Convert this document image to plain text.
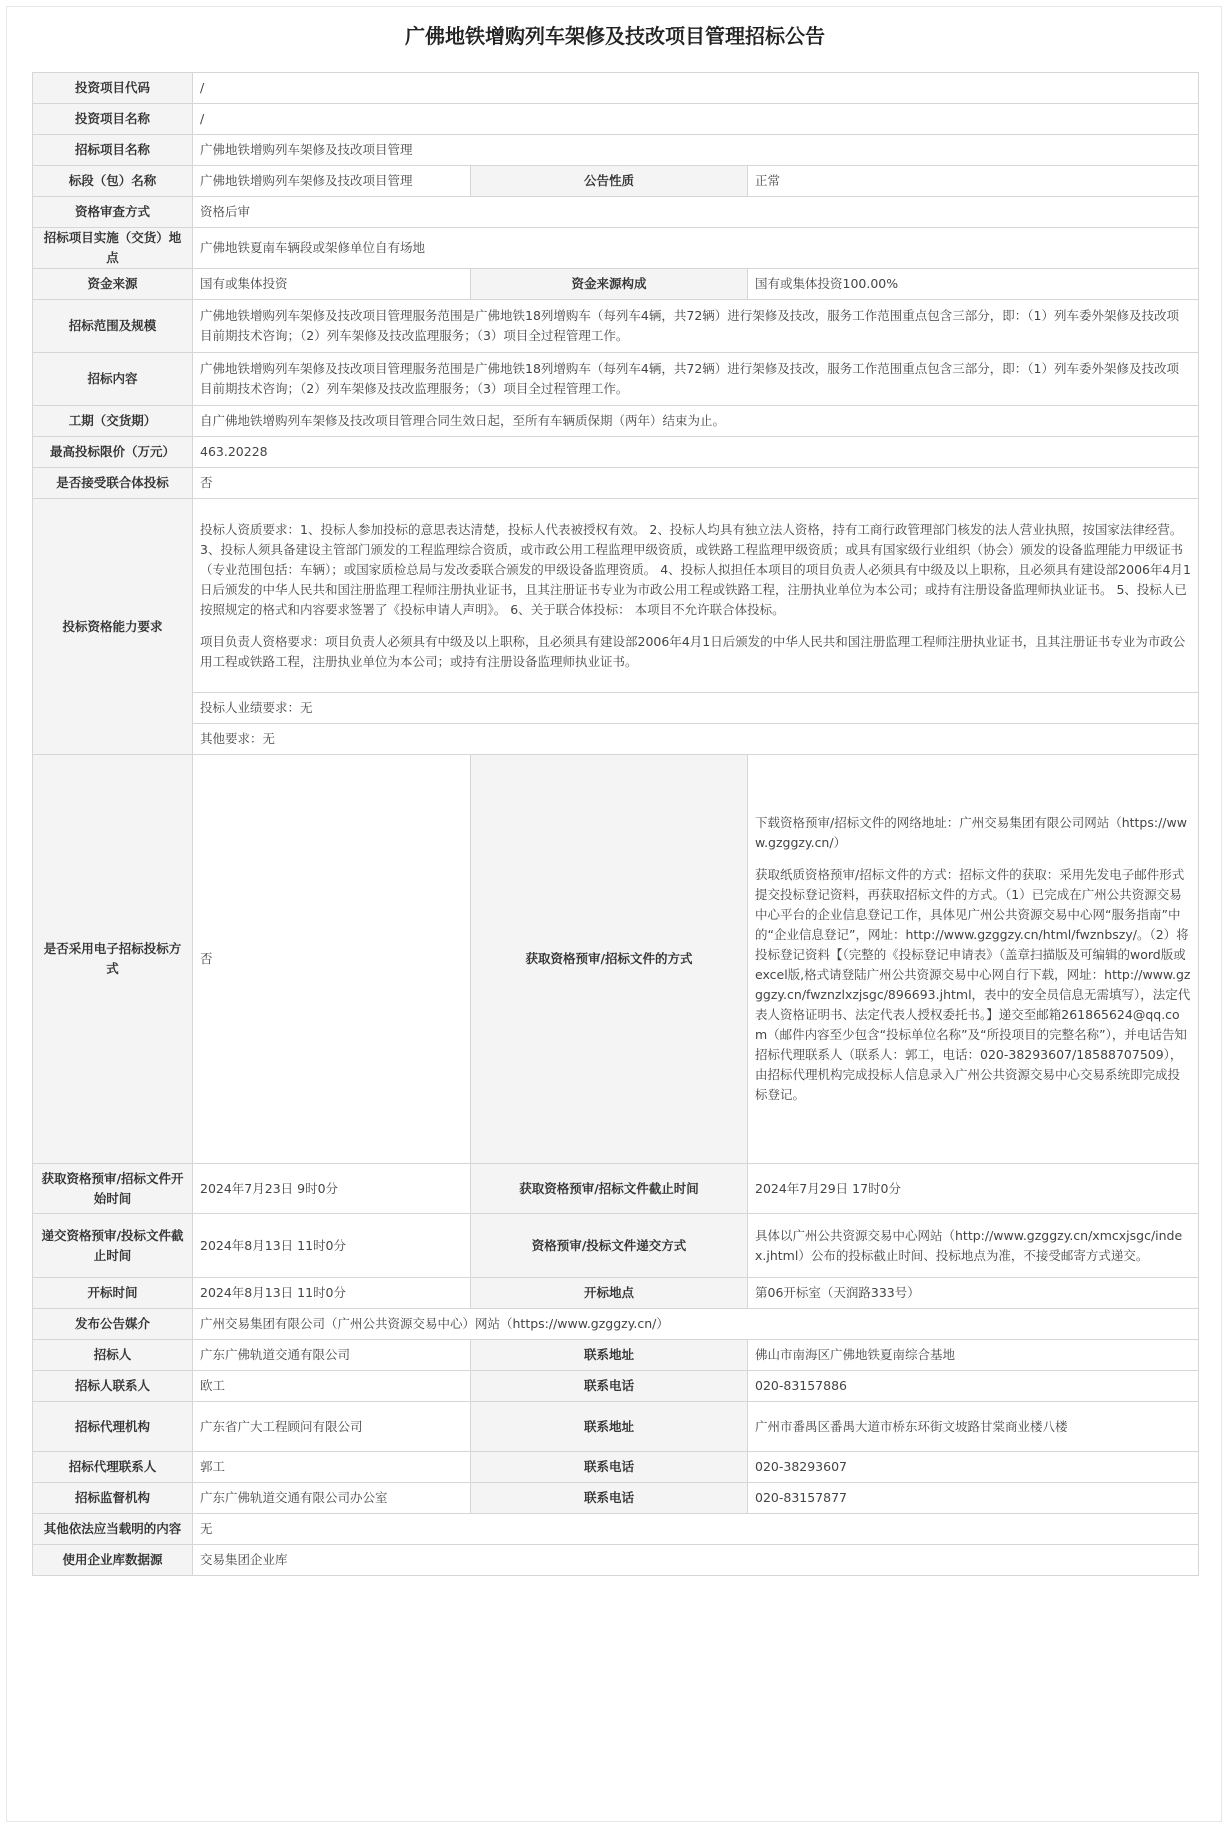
广佛地铁增购列车架修及技改项目管理招标公告
投资项目代码	/		
投资项目名称	/		
招标项目名称	广佛地铁增购列车架修及技改项目管理		
标段（包）名称	广佛地铁增购列车架修及技改项目管理	公告性质	正常
资格审查方式	资格后审		
招标项目实施（交货）地点	广佛地铁夏南车辆段或架修单位自有场地		
资金来源	国有或集体投资	资金来源构成	国有或集体投资100.00%
招标范围及规模	广佛地铁增购列车架修及技改项目管理服务范围是广佛地铁18列增购车（每列车4辆，共72辆）进行架修及技改，服务工作范围重点包含三部分，即：（1）列车委外架修及技改项目前期技术咨询；（2）列车架修及技改监理服务；（3）项目全过程管理工作。		
招标内容	广佛地铁增购列车架修及技改项目管理服务范围是广佛地铁18列增购车（每列车4辆，共72辆）进行架修及技改，服务工作范围重点包含三部分，即：（1）列车委外架修及技改项目前期技术咨询；（2）列车架修及技改监理服务；（3）项目全过程管理工作。		
工期（交货期）	自广佛地铁增购列车架修及技改项目管理合同生效日起，至所有车辆质保期（两年）结束为止。		
最高投标限价（万元）	463.20228		
是否接受联合体投标	否		
投标资格能力要求	投标人资质要求：1、投标人参加投标的意思表达清楚，投标人代表被授权有效。 2、投标人均具有独立法人资格，持有工商行政管理部门核发的法人营业执照，按国家法律经营。 3、投标人须具备建设主管部门颁发的工程监理综合资质，或市政公用工程监理甲级资质，或铁路工程监理甲级资质；或具有国家级行业组织（协会）颁发的设备监理能力甲级证书（专业范围包括：车辆）；或国家质检总局与发改委联合颁发的甲级设备监理资质。 4、投标人拟担任本项目的项目负责人必须具有中级及以上职称，且必须具有建设部2006年4月1日后颁发的中华人民共和国注册监理工程师注册执业证书，且其注册证书专业为市政公用工程或铁路工程，注册执业单位为本公司；或持有注册设备监理师执业证书。 5、投标人已按照规定的格式和内容要求签署了《投标申请人声明》。 6、关于联合体投标： 本项目不允许联合体投标。

项目负责人资格要求：项目负责人必须具有中级及以上职称，且必须具有建设部2006年4月1日后颁发的中华人民共和国注册监理工程师注册执业证书，且其注册证书专业为市政公用工程或铁路工程，注册执业单位为本公司；或持有注册设备监理师执业证书。		

	投标人业绩要求：无		
	其他要求：无		
是否采用电子招标投标方式	否	获取资格预审/招标文件的方式	下载资格预审/招标文件的网络地址：广州交易集团有限公司网站（https://www.gzggzy.cn/）

获取纸质资格预审/招标文件的方式：招标文件的获取：采用先发电子邮件形式提交投标登记资料，再获取招标文件的方式。（1）已完成在广州公共资源交易中心平台的企业信息登记工作，具体见广州公共资源交易中心网“服务指南”中的“企业信息登记”，网址：http://www.gzggzy.cn/html/fwznbszy/。（2）将投标登记资料【（完整的《投标登记申请表》（盖章扫描版及可编辑的word版或excel版,格式请登陆广州公共资源交易中心网自行下载，网址：http://www.gzggzy.cn/fwznzlxzjsgc/896693.jhtml，表中的安全员信息无需填写），法定代表人资格证明书、法定代表人授权委托书。】递交至邮箱261865624@qq.com（邮件内容至少包含“投标单位名称”及“所投项目的完整名称”），并电话告知招标代理联系人（联系人：郭工，电话：020-38293607/18588707509），由招标代理机构完成投标人信息录入广州公共资源交易中心交易系统即完成投标登记。

获取资格预审/招标文件开始时间	2024年7月23日 9时0分	获取资格预审/招标文件截止时间	2024年7月29日 17时0分
递交资格预审/投标文件截止时间	2024年8月13日 11时0分	资格预审/投标文件递交方式	具体以广州公共资源交易中心网站（http://www.gzggzy.cn/xmcxjsgc/index.jhtml）公布的投标截止时间、投标地点为准，不接受邮寄方式递交。
开标时间	2024年8月13日 11时0分	开标地点	第06开标室（天润路333号）
发布公告媒介	广州交易集团有限公司（广州公共资源交易中心）网站（https://www.gzggzy.cn/）		
招标人	广东广佛轨道交通有限公司	联系地址	佛山市南海区广佛地铁夏南综合基地
招标人联系人	欧工	联系电话	020-83157886
招标代理机构	广东省广大工程顾问有限公司	联系地址	广州市番禺区番禺大道市桥东环街文坡路甘棠商业楼八楼
招标代理联系人	郭工	联系电话	020-38293607
招标监督机构	广东广佛轨道交通有限公司办公室	联系电话	020-83157877
其他依法应当载明的内容	无		
使用企业库数据源	交易集团企业库		
